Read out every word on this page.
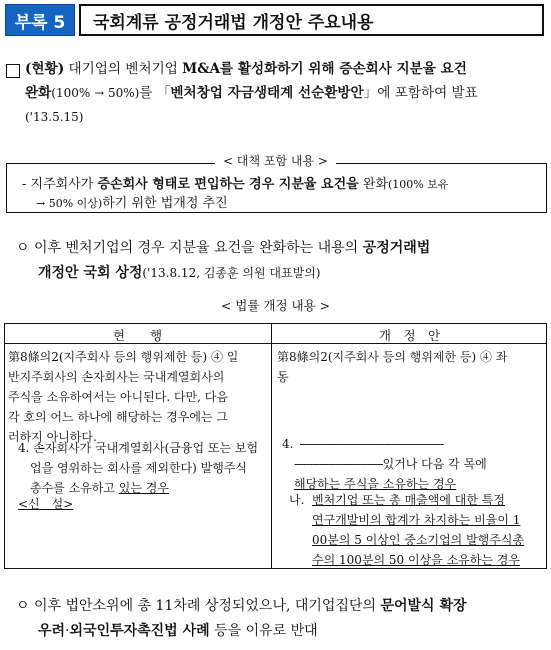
부록 5	국회계류 공정거래법 개정안 주요내용
(현황) 대기업의 벤처기업 M&A를 활성화하기 위해 증손회사 지분율 요건
완화(100% → 50%)를 「벤처창업 자금생태계 선순환방안」에 포함하여 발표
('13.5.15)
< 대책 포함 내용 >
- 지주회사가 증손회사 형태로 편입하는 경우 지분율 요건을 완화(100% 보유
→ 50% 이상)하기 위한 법개정 추진
ㅇ 이후 벤처기업의 경우 지분율 요건을 완화하는 내용의 공정거래법
개정안 국회 상정('13.8.12, 김종훈 의원 대표발의)
< 법률 개정 내용 >
현　　행	개　정　안
第8條의2(지주회사 등의 행위제한 등) ④ 일
반지주회사의 손자회사는 국내계열회사의
주식을 소유하여서는 아니된다. 다만, 다음
각 호의 어느 하나에 해당하는 경우에는 그
러하지 아니하다.
4. 손자회사가 국내계열회사(금융업 또는 보험
업을 영위하는 회사를 제외한다) 발행주식
총수를 소유하고 있는 경우
<신　설>
第8條의2(지주회사 등의 행위제한 등) ④ 좌
동
4. -----------------------------------------------
-----------------------------있거나 다음 각 목에
해당하는 주식을 소유하는 경우
나. 벤처기업 또는 총 매출액에 대한 특정
연구개발비의 합계가 차지하는 비율이 1
00분의 5 이상인 중소기업의 발행주식총
수의 100분의 50 이상을 소유하는 경우
ㅇ 이후 법안소위에 총 11차례 상정되었으나, 대기업집단의 문어발식 확장
우려·외국인투자촉진법 사례 등을 이유로 반대
